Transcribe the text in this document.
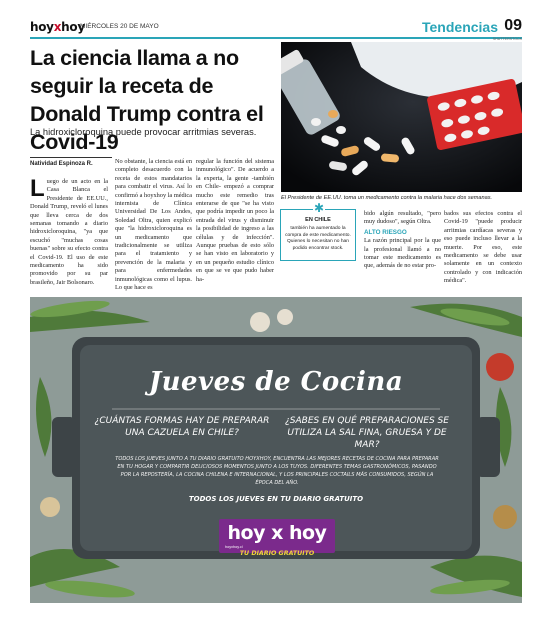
hoyxhoy
MIÉRCOLES 20 DE MAYO	Tendencias 09
La ciencia llama a no seguir la receta de Donald Trump contra el Covid-19
La hidroxicloroquina puede provocar arritmias severas.
Natividad Espinoza R.
SHUTTERSTOCK
El Presidente de EE.UU. toma un medicamento contra la malaria hace dos semanas.
Luego de un acto en la Casa Blanca el Presidente de EE.UU., Donald Trump, reveló el lunes que lleva cerca de dos semanas tomando a diario hidroxicloroquina, "ya que escuchó "muchas cosas buenas" sobre su efecto contra el Covid-19. El uso de este medicamento ha sido promovido por su par brasileño, Jair Bolsonaro.
No obstante, la ciencia está en completo desacuerdo con la receta de estos mandatarios para combatir el virus. Así lo confirmó a hoyxhoy la médica internista de Clínica Universidad De Los Andes, Soledad Oltra, quien explicó que "la hidroxicloroquina es un medicamento que tradicionalmente se utiliza para el tratamiento y prevención de la malaria y para enfermedades inmunológicas como el lupus. Lo que hace es
regular la función del sistema inmunológico". De acuerdo a la experta, la gente -también en Chile- empezó a comprar mucho este remedio tras enterarse de que "se ha visto que podría impedir un poco la entrada del virus y disminuir la posibilidad de ingreso a las células y de infección". Aunque pruebas de esto sólo se han visto en laboratorio y en un pequeño estudio clínico en que se ve que pudo haber ha-
✱
EN CHILE
también ha aumentado la compra de este medicamento. Quienes lo necesitan no han podido encontrar stock.
bido algún resultado, "pero muy dudoso", según Oltra.
ALTO RIESGO
La razón principal por la que la profesional llamó a no tomar este medicamento es que, además de no estar pro-
bados sus efectos contra el Covid-19 "puede producir arritmias cardíacas severas y eso puede incluso llevar a la muerte. Por eso, este medicamento se debe usar solamente en un contexto controlado y con indicación médica".
Jueves de Cocina
¿CUÁNTAS FORMAS HAY DE PREPARAR UNA CAZUELA EN CHILE?
¿SABES EN QUÉ PREPARACIONES SE UTILIZA LA SAL FINA, GRUESA Y DE MAR?
TODOS LOS JUEVES JUNTO A TU DIARIO GRATUITO HOYXHOY, ENCUENTRA LAS MEJORES RECETAS DE COCINA PARA PREPARAR EN TU HOGAR Y COMPARTIR DELICIOSOS MOMENTOS JUNTO A LOS TUYOS. DIFERENTES TEMAS GASTRONÓMICOS, PASANDO POR LA REPOSTERÍA, LA COCINA CHILENA E INTERNACIONAL, Y LOS PRINCIPALES COCTAILS MÁS CONSUMIDOS, SEGÚN LA ÉPOCA DEL AÑO.
TODOS LOS JUEVES EN TU DIARIO GRATUITO
hoy x hoy
hoyxhoy.cl
TU DIARIO GRATUITO
